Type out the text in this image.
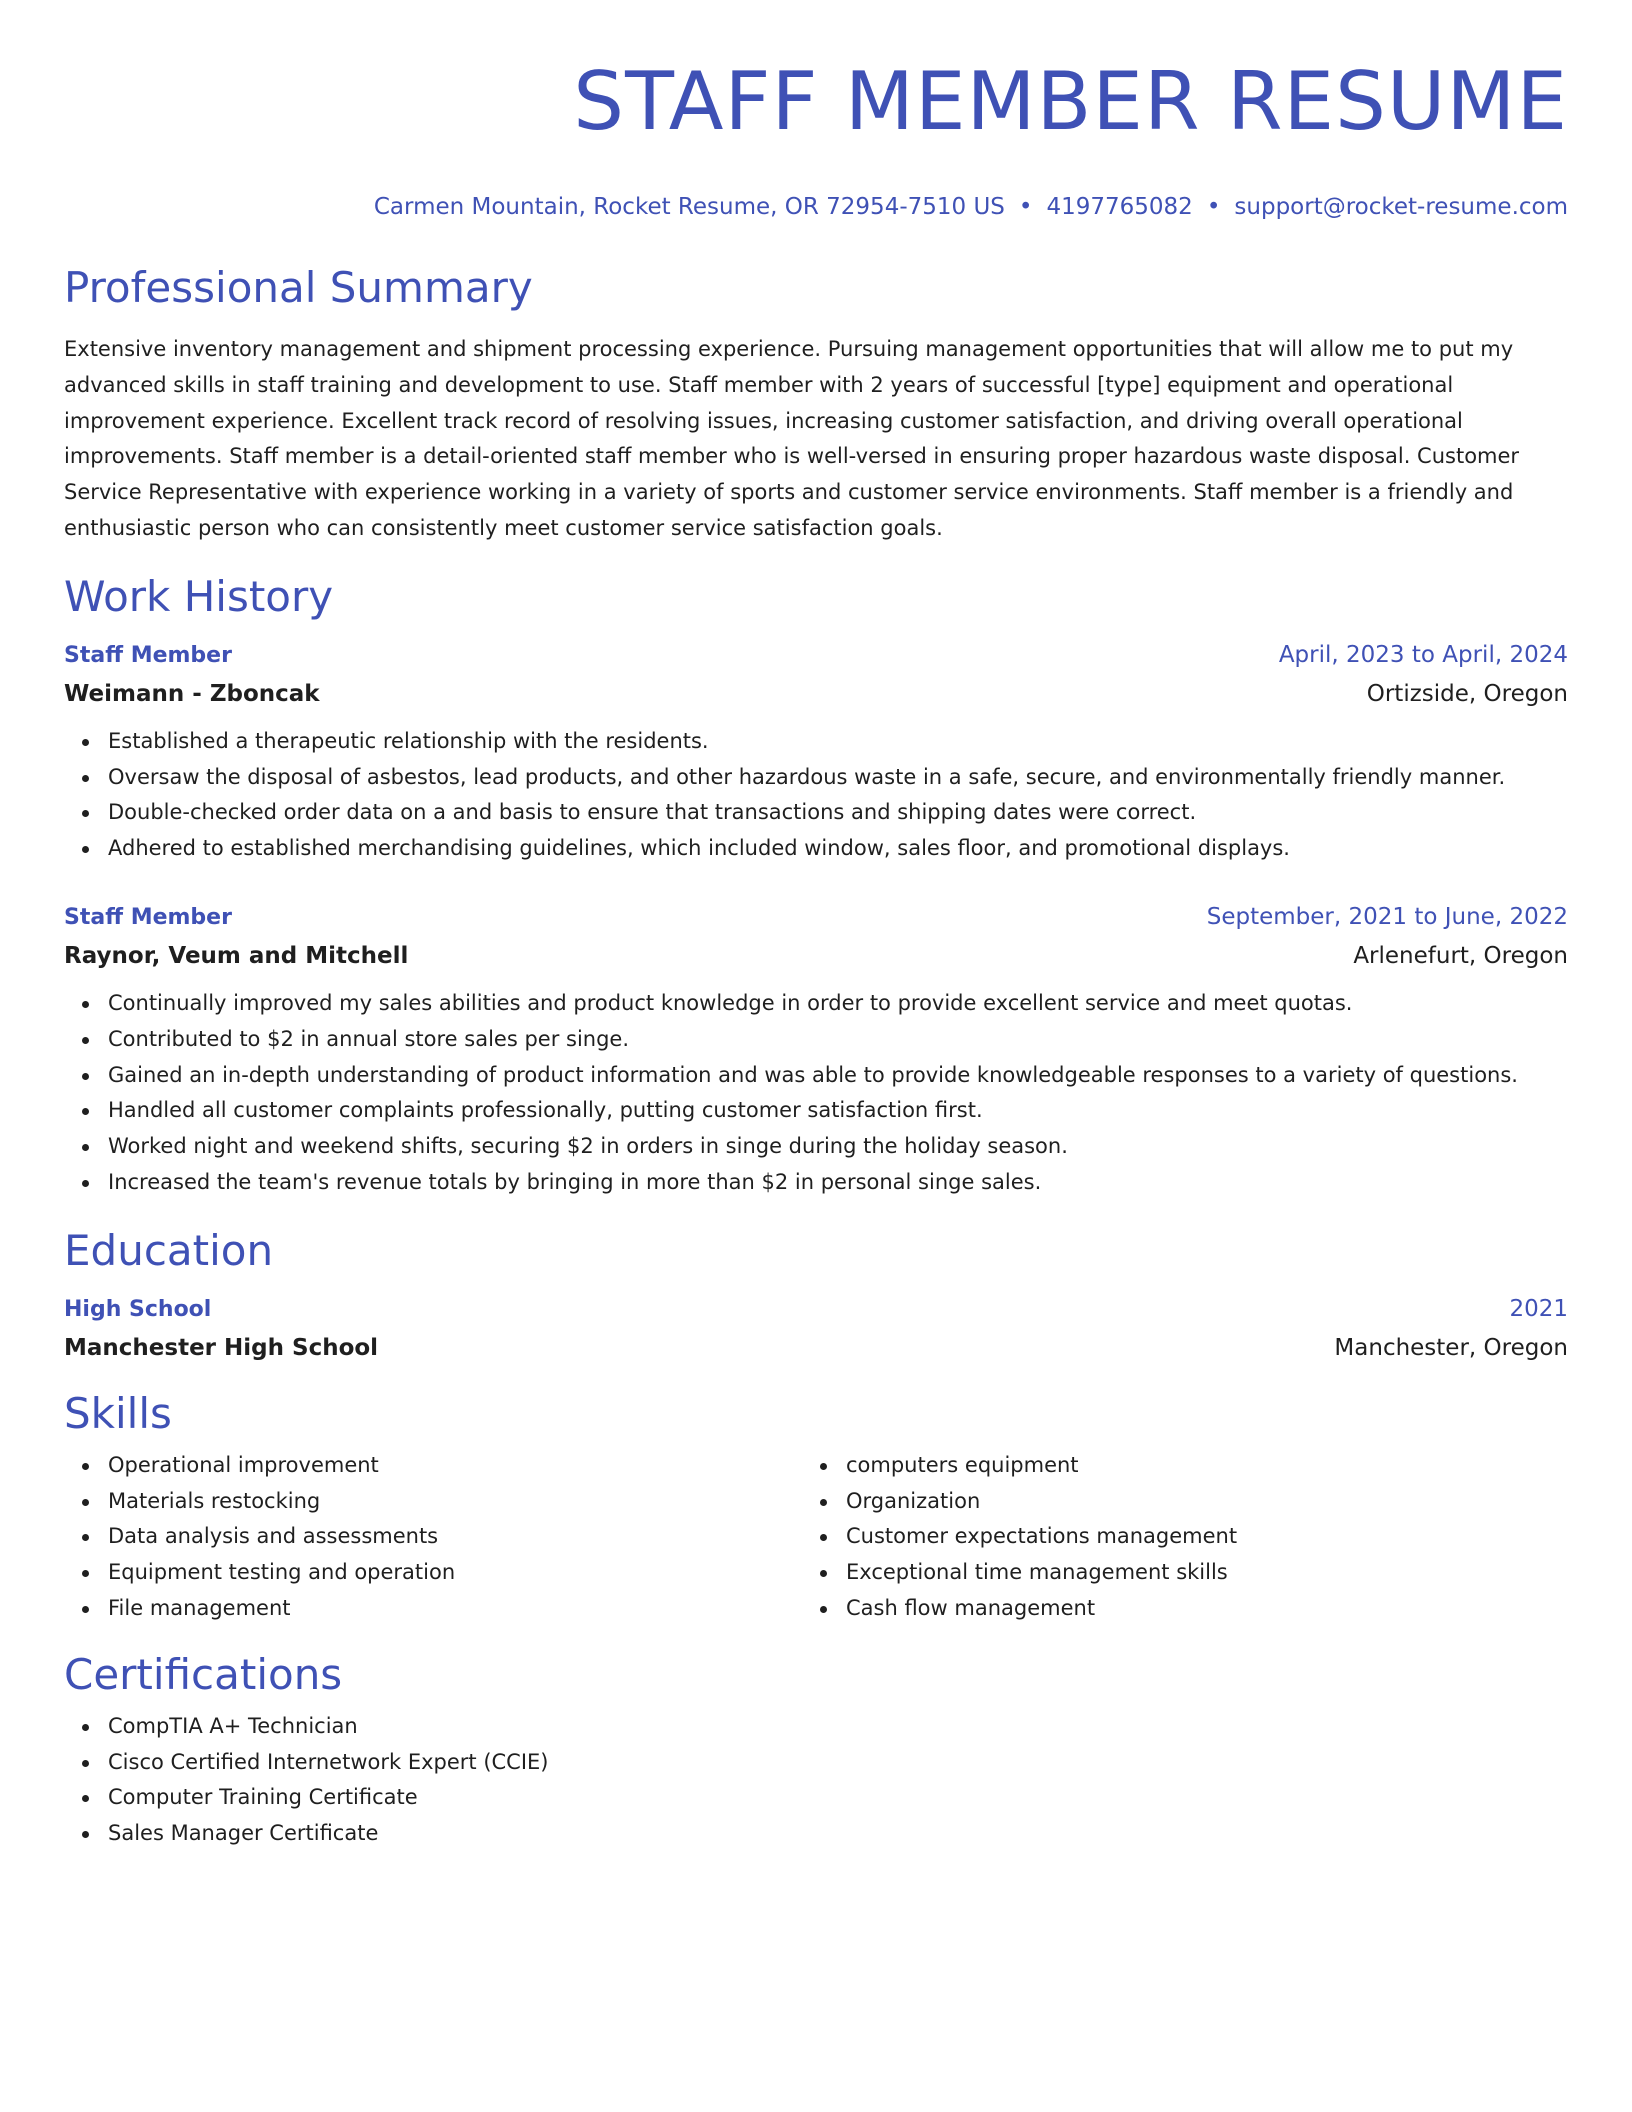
STAFF MEMBER RESUME
Carmen Mountain, Rocket Resume, OR 72954-7510 US • 4197765082 • support@rocket-resume.com
Professional Summary

Extensive inventory management and shipment processing experience. Pursuing management opportunities that will allow me to put my advanced skills in staff training and development to use. Staff member with 2 years of successful [type] equipment and operational improvement experience. Excellent track record of resolving issues, increasing customer satisfaction, and driving overall operational improvements. Staff member is a detail-oriented staff member who is well-versed in ensuring proper hazardous waste disposal. Customer Service Representative with experience working in a variety of sports and customer service environments. Staff member is a friendly and enthusiastic person who can consistently meet customer service satisfaction goals.

Work History
Staff Member	April, 2023 to April, 2024
Weimann - Zboncak	Ortizside, Oregon
Established a therapeutic relationship with the residents.
Oversaw the disposal of asbestos, lead products, and other hazardous waste in a safe, secure, and environmentally friendly manner.
Double-checked order data on a and basis to ensure that transactions and shipping dates were correct.
Adhered to established merchandising guidelines, which included window, sales floor, and promotional displays.
Staff Member	September, 2021 to June, 2022
Raynor, Veum and Mitchell	Arlenefurt, Oregon
Continually improved my sales abilities and product knowledge in order to provide excellent service and meet quotas.
Contributed to $2 in annual store sales per singe.
Gained an in-depth understanding of product information and was able to provide knowledgeable responses to a variety of questions.
Handled all customer complaints professionally, putting customer satisfaction first.
Worked night and weekend shifts, securing $2 in orders in singe during the holiday season.
Increased the team's revenue totals by bringing in more than $2 in personal singe sales.
Education
High School	2021
Manchester High School	Manchester, Oregon
Skills
Operational improvement
Materials restocking
Data analysis and assessments
Equipment testing and operation
File management
computers equipment
Organization
Customer expectations management
Exceptional time management skills
Cash flow management
Certifications
CompTIA A+ Technician
Cisco Certified Internetwork Expert (CCIE)
Computer Training Certificate
Sales Manager Certificate
